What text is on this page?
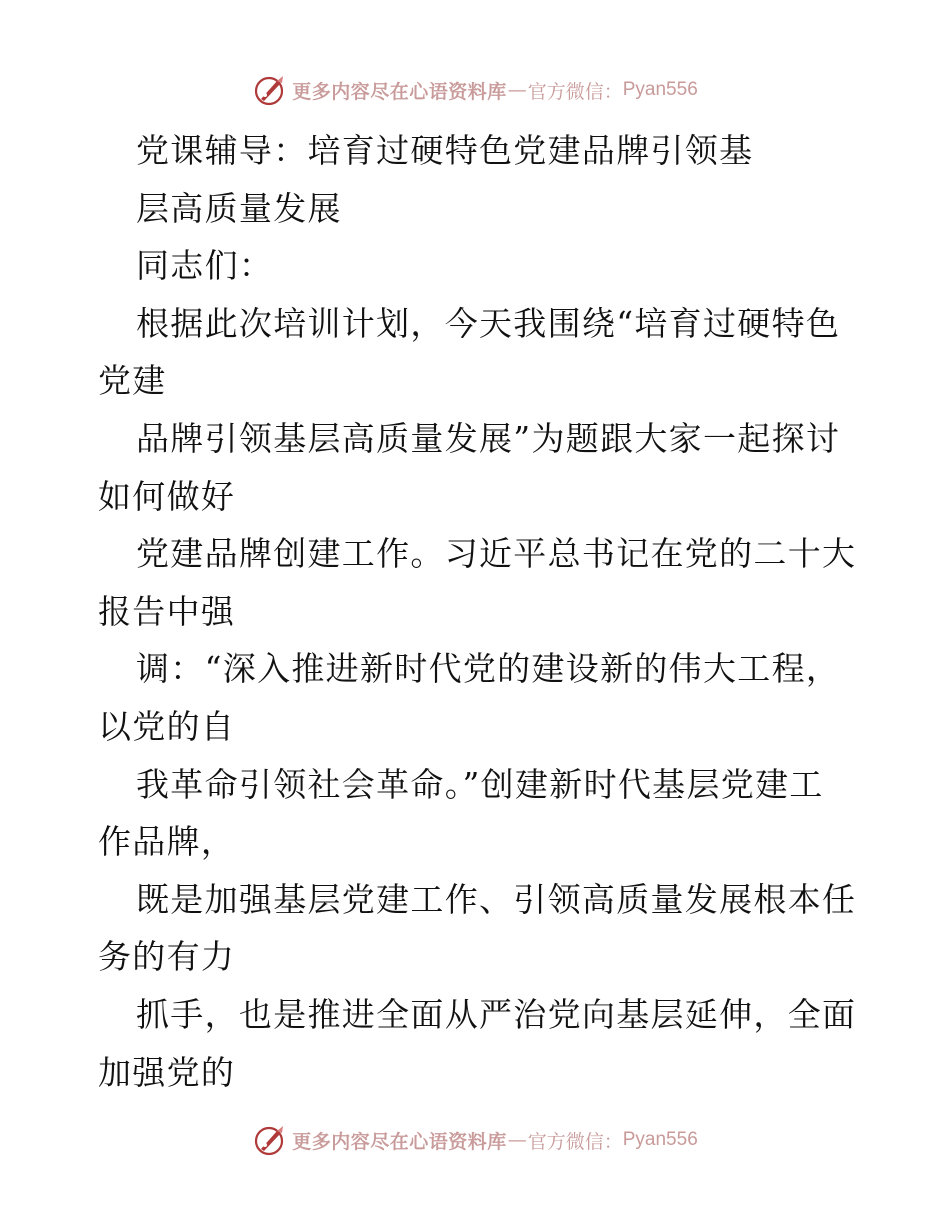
更多内容尽在心语资料库 — 官方微信： Pyan556
党课辅导：培育过硬特色党建品牌引领基
层高质量发展
同志们：
根据此次培训计划，今天我围绕“培育过硬特色
党建
品牌引领基层高质量发展”为题跟大家一起探讨
如何做好
党建品牌创建工作。习近平总书记在党的二十大
报告中强
调：“深入推进新时代党的建设新的伟大工程，
以党的自
我革命引领社会革命。”创建新时代基层党建工
作品牌，
既是加强基层党建工作、引领高质量发展根本任
务的有力
抓手，也是推进全面从严治党向基层延伸，全面
加强党的
更多内容尽在心语资料库 — 官方微信： Pyan556
